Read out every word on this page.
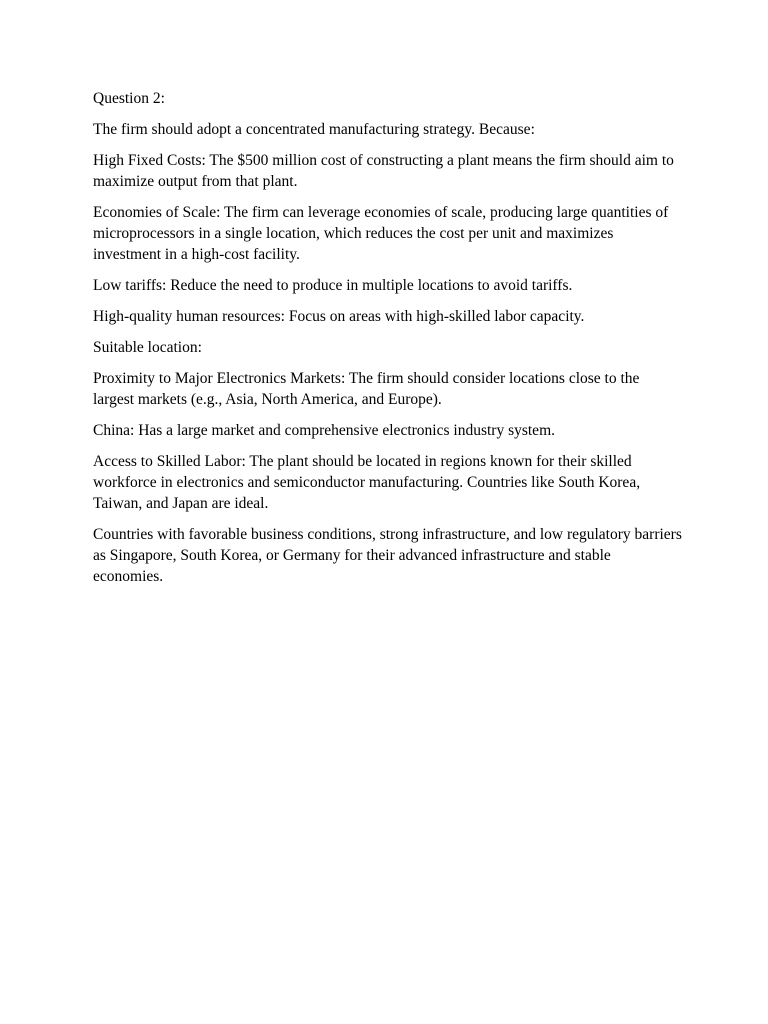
Question 2:

The firm should adopt a concentrated manufacturing strategy. Because:

High Fixed Costs: The $500 million cost of constructing a plant means the firm should aim to maximize output from that plant.

Economies of Scale: The firm can leverage economies of scale, producing large quantities of microprocessors in a single location, which reduces the cost per unit and maximizes investment in a high-cost facility.

Low tariffs: Reduce the need to produce in multiple locations to avoid tariffs.

High-quality human resources: Focus on areas with high-skilled labor capacity.

Suitable location:

Proximity to Major Electronics Markets: The firm should consider locations close to the largest markets (e.g., Asia, North America, and Europe).

China: Has a large market and comprehensive electronics industry system.

Access to Skilled Labor: The plant should be located in regions known for their skilled workforce in electronics and semiconductor manufacturing. Countries like South Korea, Taiwan, and Japan are ideal.

Countries with favorable business conditions, strong infrastructure, and low regulatory barriers as Singapore, South Korea, or Germany for their advanced infrastructure and stable economies.
